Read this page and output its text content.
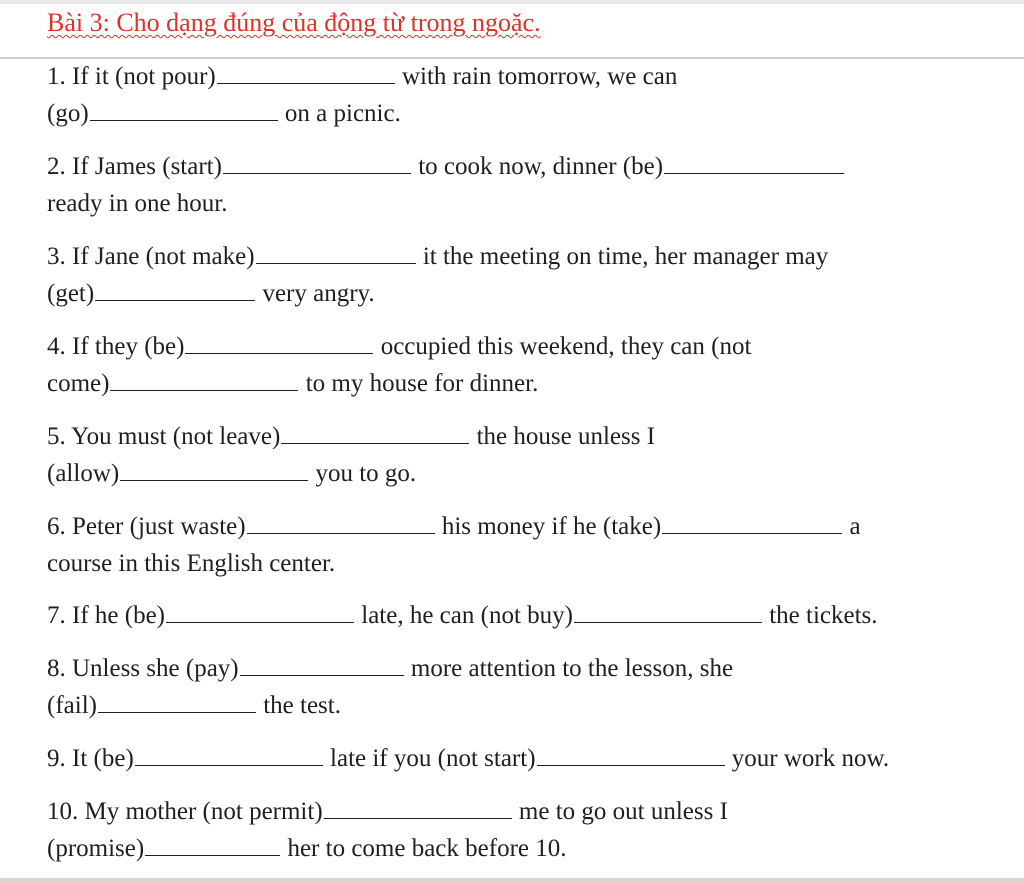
Bài 3: Cho dạng đúng của động từ trong ngoặc.
1. If it (not pour)	with rain tomorrow, we can
(go)	on a picnic.
2. If James (start)	to cook now, dinner (be)
ready in one hour.
3. If Jane (not make)	it the meeting on time, her manager may
(get)	very angry.
4. If they (be)	occupied this weekend, they can (not
come)	to my house for dinner.
5. You must (not leave)	the house unless I
(allow)	you to go.
6. Peter (just waste)	his money if he (take)	a
course in this English center.
7. If he (be)	late, he can (not buy)	the tickets.
8. Unless she (pay)	more attention to the lesson, she
(fail)	the test.
9. It (be)	late if you (not start)	your work now.
10. My mother (not permit)	me to go out unless I
(promise)	her to come back before 10.
